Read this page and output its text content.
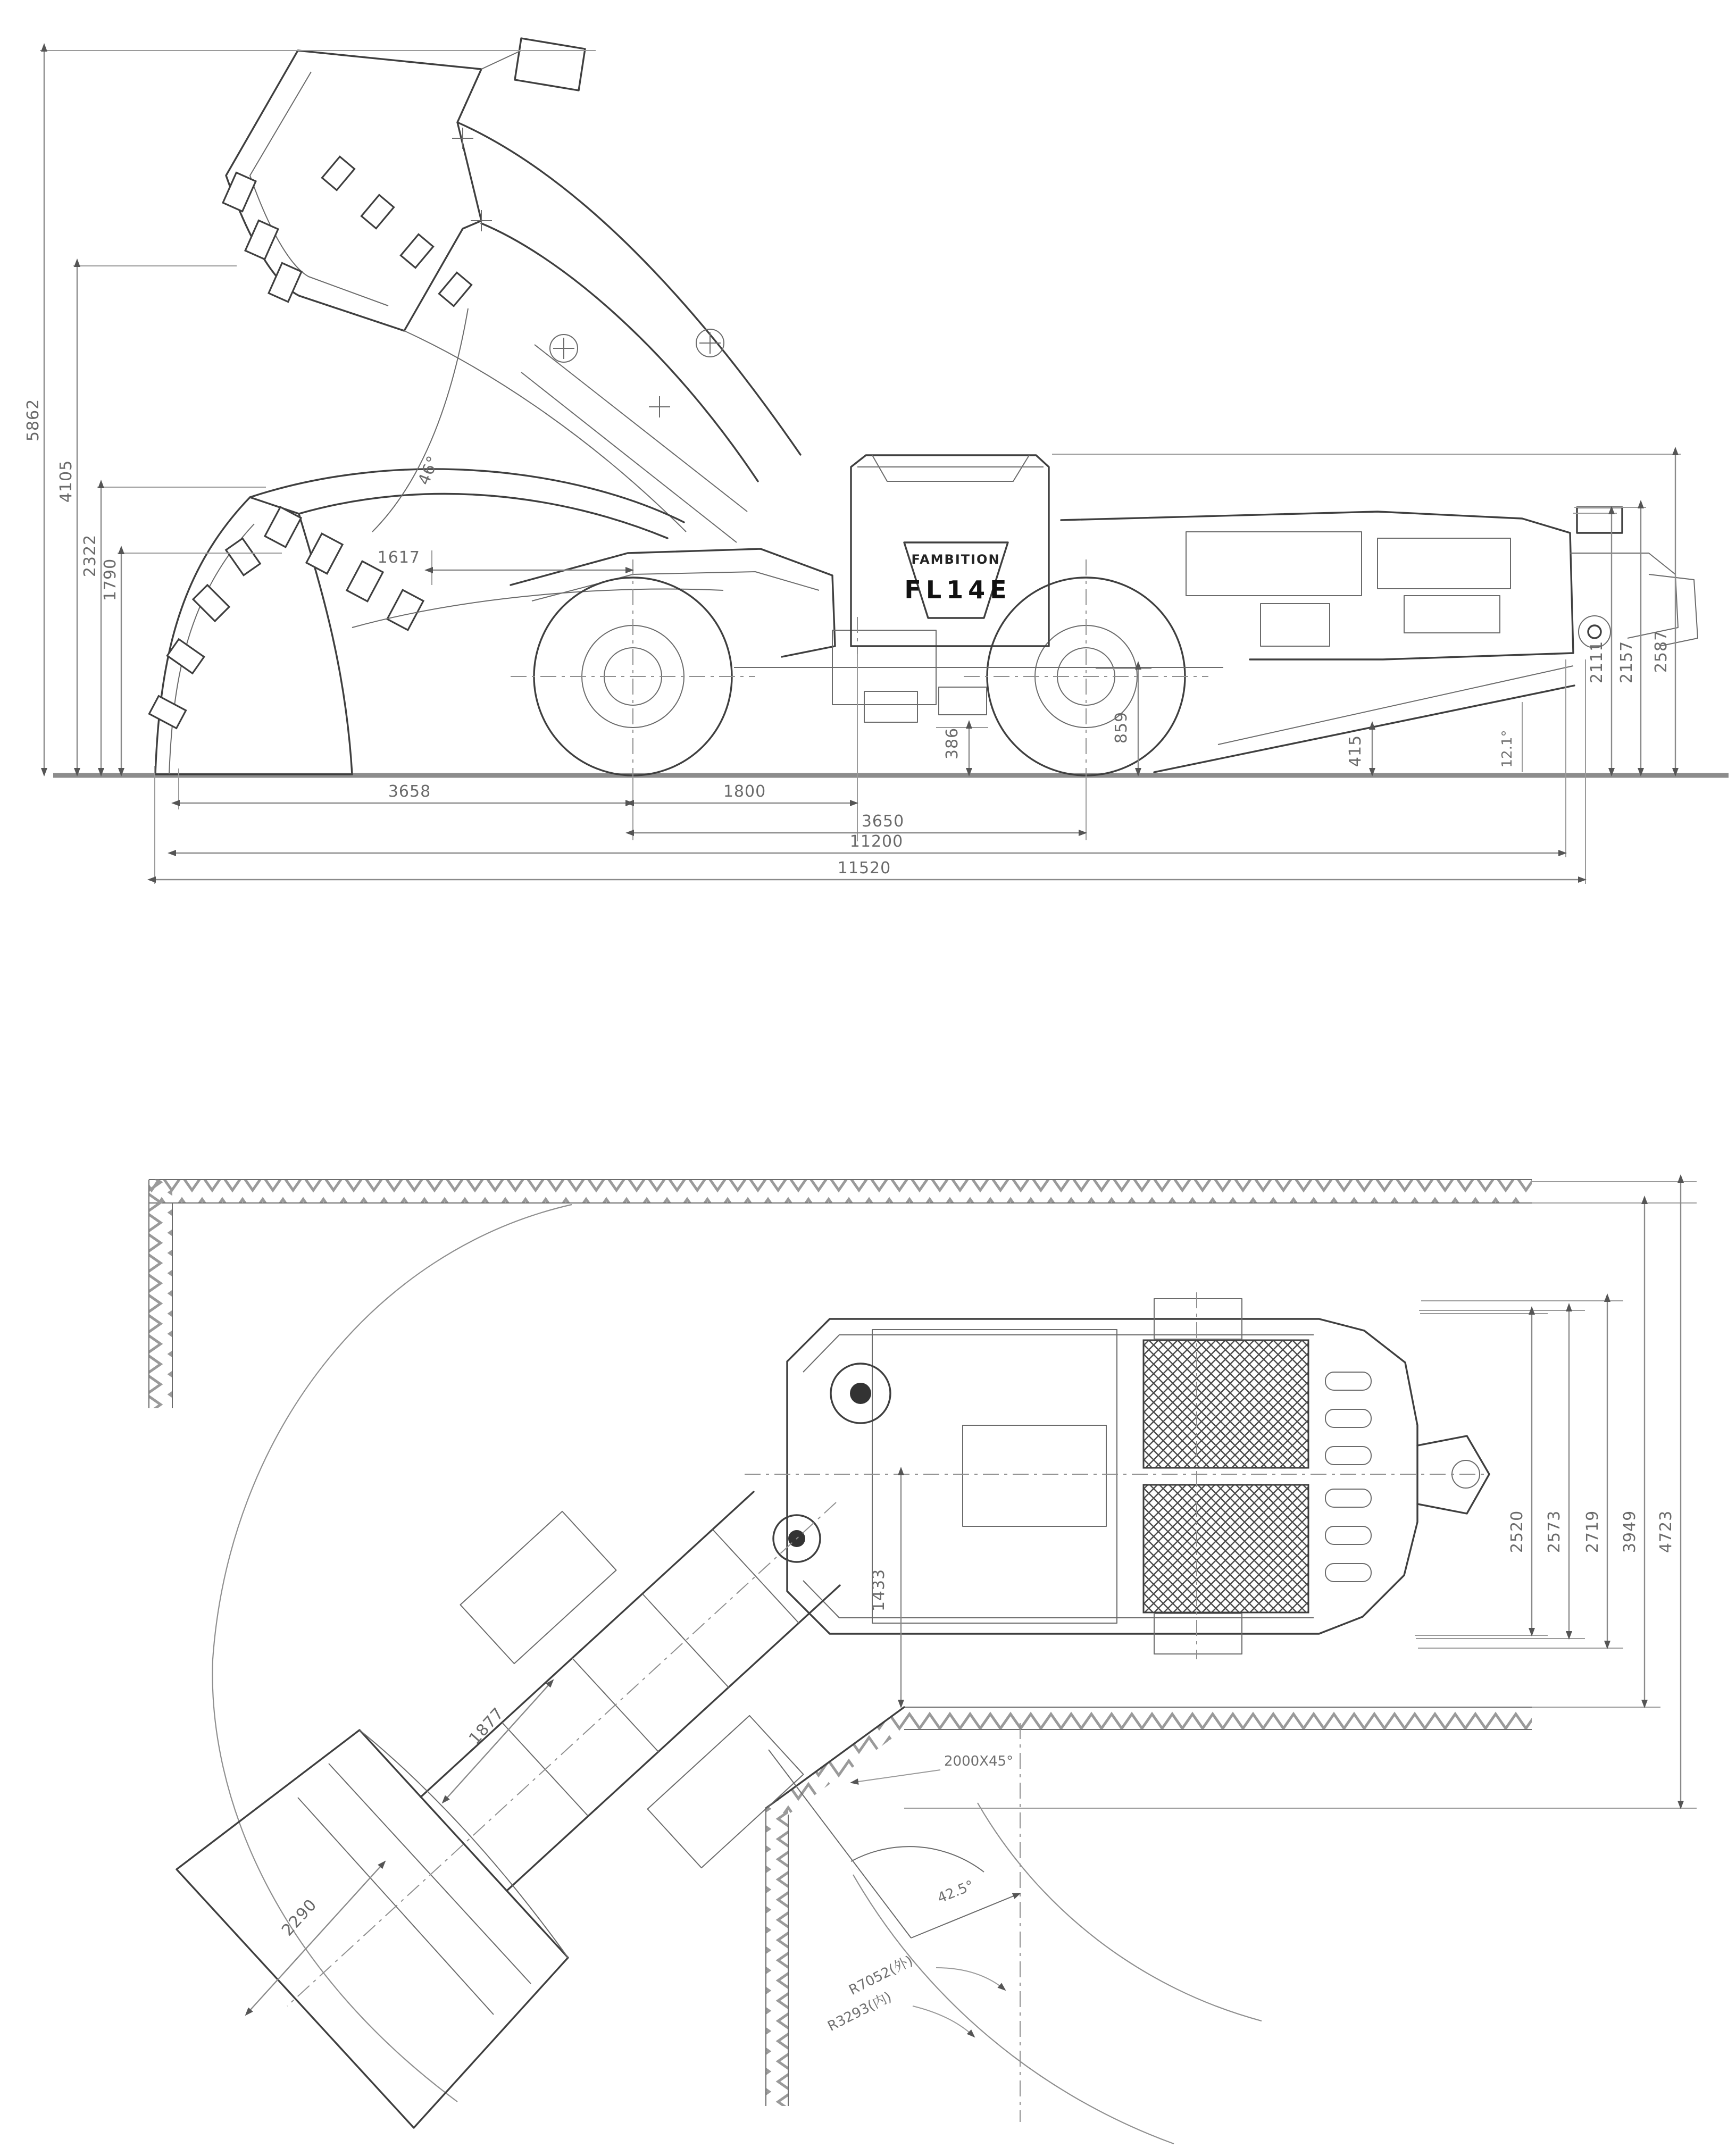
FAMBITION
FL14E
5862
4105
2322
1790
46°
1617
386	859
415	12.1°
2111 2157 2587
3658	1800
3650
11200
11520
1433
2520 2573 2719 3949 4723
1877
2290
2000X45°
42.5°
R7052(外)
R3293(内)
